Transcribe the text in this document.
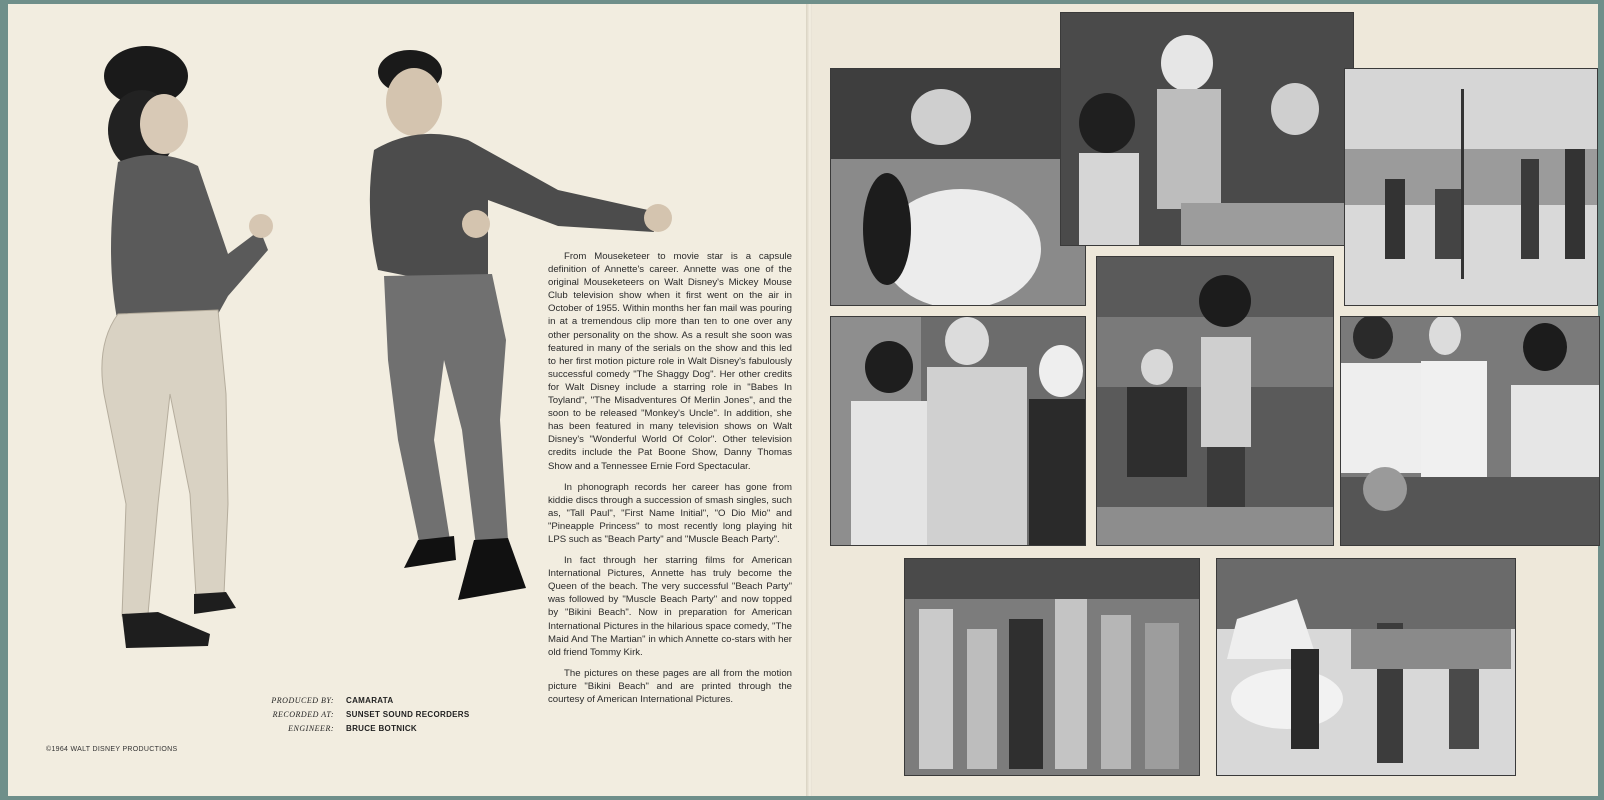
From Mouseketeer to movie star is a capsule definition of Annette's career. Annette was one of the original Mouseketeers on Walt Disney's Mickey Mouse Club television show when it first went on the air in October of 1955. Within months her fan mail was pouring in at a tremendous clip more than ten to one over any other personality on the show. As a result she soon was featured in many of the serials on the show and this led to her first motion picture role in Walt Disney's fabulously successful comedy "The Shaggy Dog". Her other credits for Walt Disney include a starring role in "Babes In Toyland", "The Misadventures Of Merlin Jones", and the soon to be released "Monkey's Uncle". In addition, she has been featured in many television shows on Walt Disney's "Wonderful World Of Color". Other television credits include the Pat Boone Show, Danny Thomas Show and a Tennessee Ernie Ford Spectacular.

In phonograph records her career has gone from kiddie discs through a succession of smash singles, such as, "Tall Paul", "First Name Initial", "O Dio Mio" and "Pineapple Princess" to most recently long playing hit LPS such as "Beach Party" and "Muscle Beach Party".

In fact through her starring films for American International Pictures, Annette has truly become the Queen of the beach. The very successful "Beach Party" was followed by "Muscle Beach Party" and now topped by "Bikini Beach". Now in preparation for American International Pictures in the hilarious space comedy, "The Maid And The Martian" in which Annette co-stars with her old friend Tommy Kirk.

The pictures on these pages are all from the motion picture "Bikini Beach" and are printed through the courtesy of American International Pictures.

PRODUCED BY: CAMARATA
RECORDED AT: SUNSET SOUND RECORDERS
ENGINEER: BRUCE BOTNICK
©1964 WALT DISNEY PRODUCTIONS
